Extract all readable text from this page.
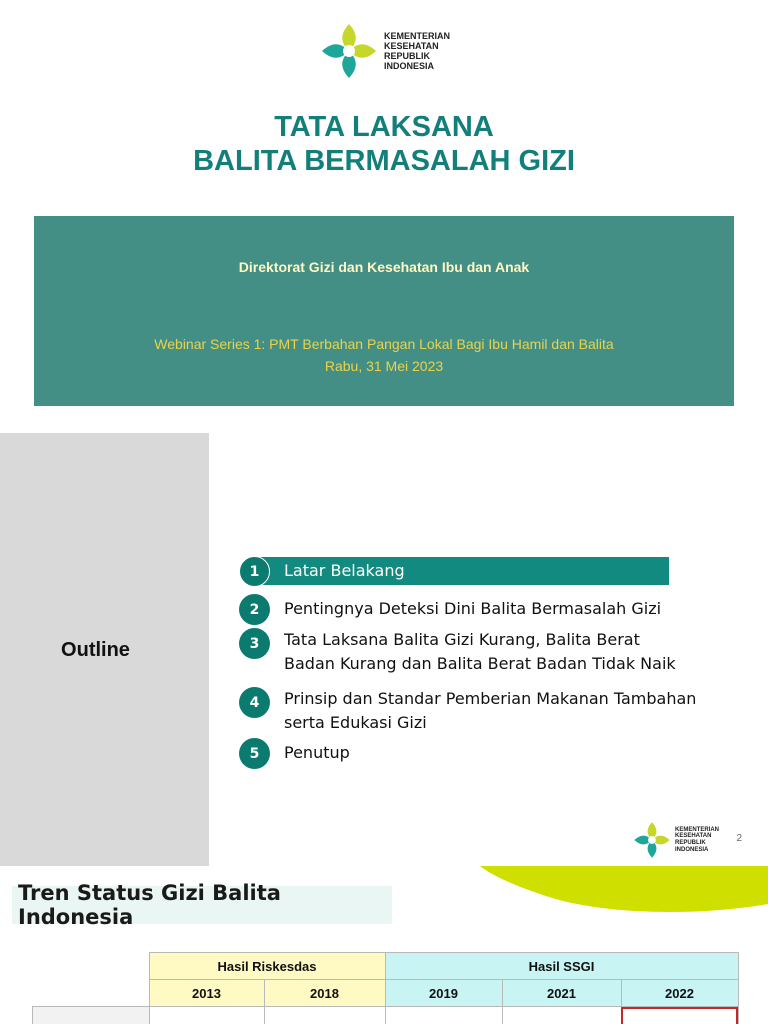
KEMENTERIAN
KESEHATAN
REPUBLIK
INDONESIA
TATA LAKSANA
BALITA BERMASALAH GIZI
Direktorat Gizi dan Kesehatan Ibu dan Anak
Webinar Series 1: PMT Berbahan Pangan Lokal Bagi Ibu Hamil dan Balita
Rabu, 31 Mei 2023
Outline
1	Latar Belakang
2	Pentingnya Deteksi Dini Balita Bermasalah Gizi
3	Tata Laksana Balita Gizi Kurang, Balita Berat Badan Kurang dan Balita Berat Badan Tidak Naik
4	Prinsip dan Standar Pemberian Makanan Tambahan serta Edukasi Gizi
5	Penutup
KEMENTERIAN
KESEHATAN
REPUBLIK
INDONESIA
2
Tren Status Gizi Balita Indonesia
	Hasil Riskesdas		Hasil SSGI		
	2013	2018	2019	2021	2022
